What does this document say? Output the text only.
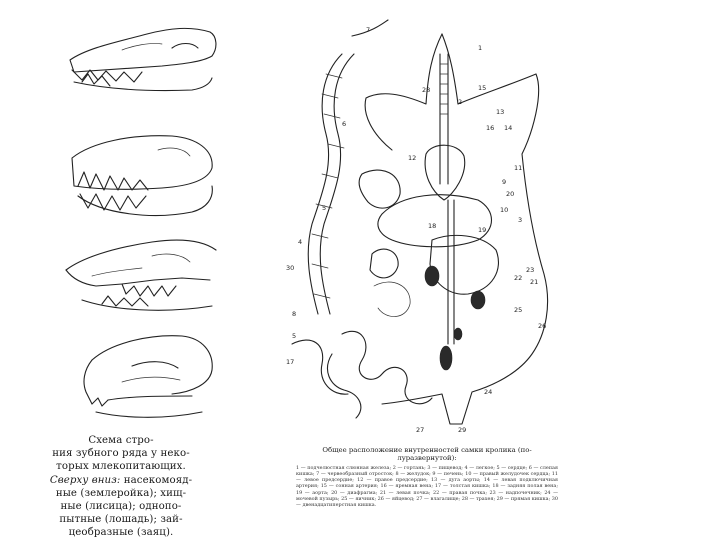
1
2
13
15
14
16
28
12
11
9
20
10
3
18	19
7
6
5
4
30
8
5
17
23
22 21
25
26
24
27	29
Схема стро-
ния зубного ряда у неко-
торых млекопитающих.
Сверху вниз: насекомояд-
ные (землеройка); хищ-
ные (лисица); однопо-
пытные (лошадь); зай-
цеобразные (заяц).
Общее расположение внутренностей самки кролика (по-луразвернутой):
1 — подчелюстная слюнная железа; 2 — гортань; 3 — пищевод; 4 — легкое; 5 — сердце; 6 — слепая кишка; 7 — червеобразный отросток; 8 — желудок; 9 — печень; 10 — правый желудочек сердца; 11 — левое предсердие; 12 — правое предсердие; 13 — дуга аорты; 14 — левая подключичная артерия; 15 — сонная артерия; 16 — яремная вена; 17 — толстая кишка; 18 — задняя полая вена; 19 — аорта; 20 — диафрагма; 21 — левая почка; 22 — правая почка; 23 — надпочечник; 24 — мочевой пузырь; 25 — яичник; 26 — яйцевод; 27 — влагалище; 28 — трахея; 29 — прямая кишка; 30 — двенадцатиперстная кишка.
